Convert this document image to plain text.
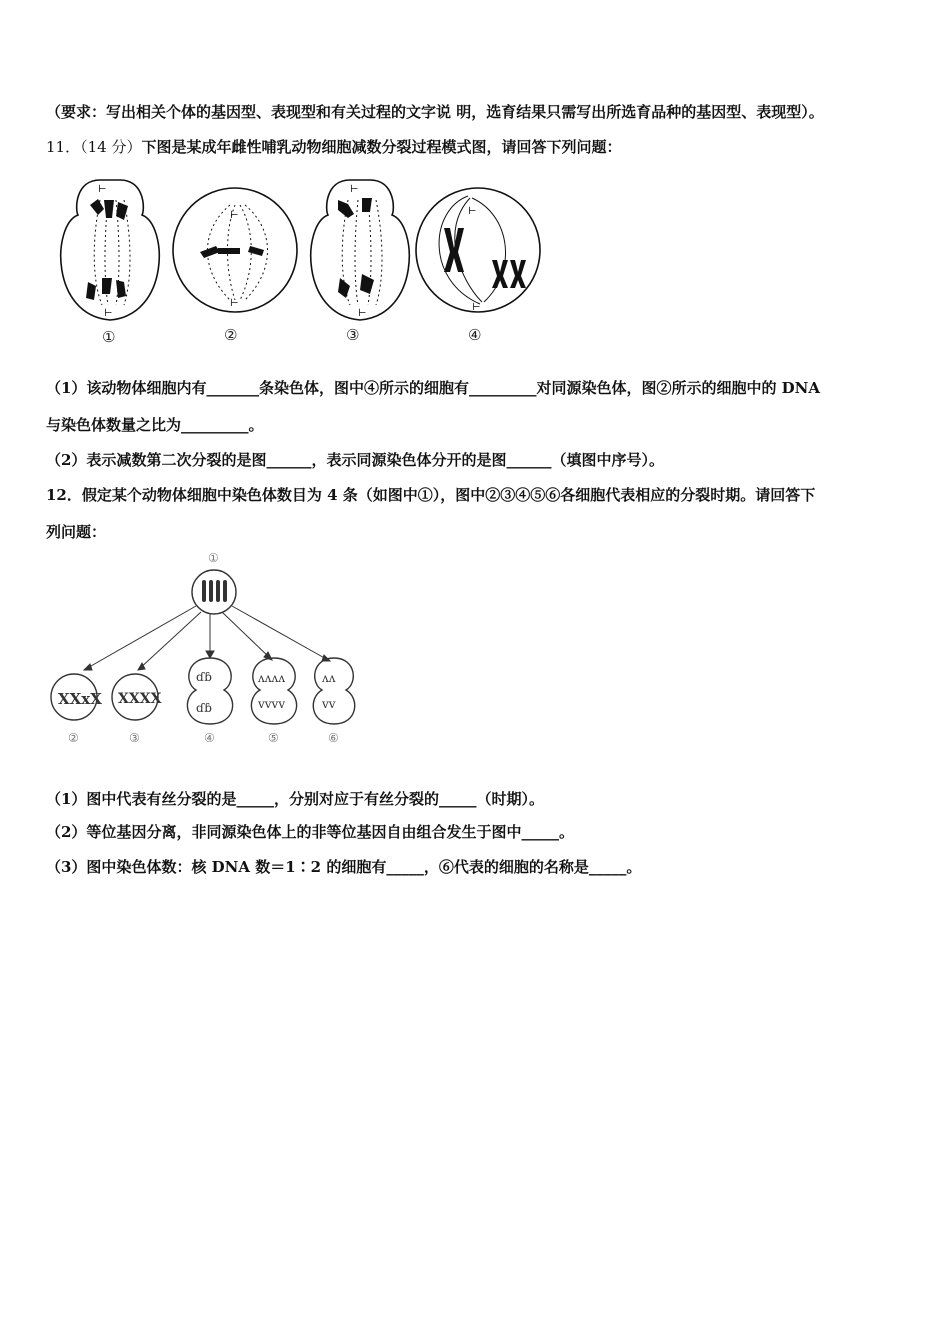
（要求：写出相关个体的基因型、表现型和有关过程的文字说 明，选育结果只需写出所选育品种的基因型、表现型）。
11．（14 分）下图是某成年雌性哺乳动物细胞减数分裂过程模式图，请回答下列问题：
⊢
⊢
⊢
⊢
⊢
⊢
⊢
⊢
①	②	③	④
（1）该动物体细胞内有_______条染色体，图中④所示的细胞有_________对同源染色体，图②所示的细胞中的 DNA
与染色体数量之比为_________。
（2）表示减数第二次分裂的是图______，表示同源染色体分开的是图______（填图中序号）。
12．假定某个动物体细胞中染色体数目为 4 条（如图中①），图中②③④⑤⑥各细胞代表相应的分裂时期。请回答下
列问题：
XXxX XXXX
ɗɓ
ɗɓ
ʌʌʌʌ
vvvv
ʌʌ
vv
①
②	③	④	⑤	⑥
（1）图中代表有丝分裂的是_____，分别对应于有丝分裂的_____（时期）。
（2）等位基因分离，非同源染色体上的非等位基因自由组合发生于图中_____。
（3）图中染色体数：核 DNA 数＝1∶2 的细胞有_____，⑥代表的细胞的名称是_____。
